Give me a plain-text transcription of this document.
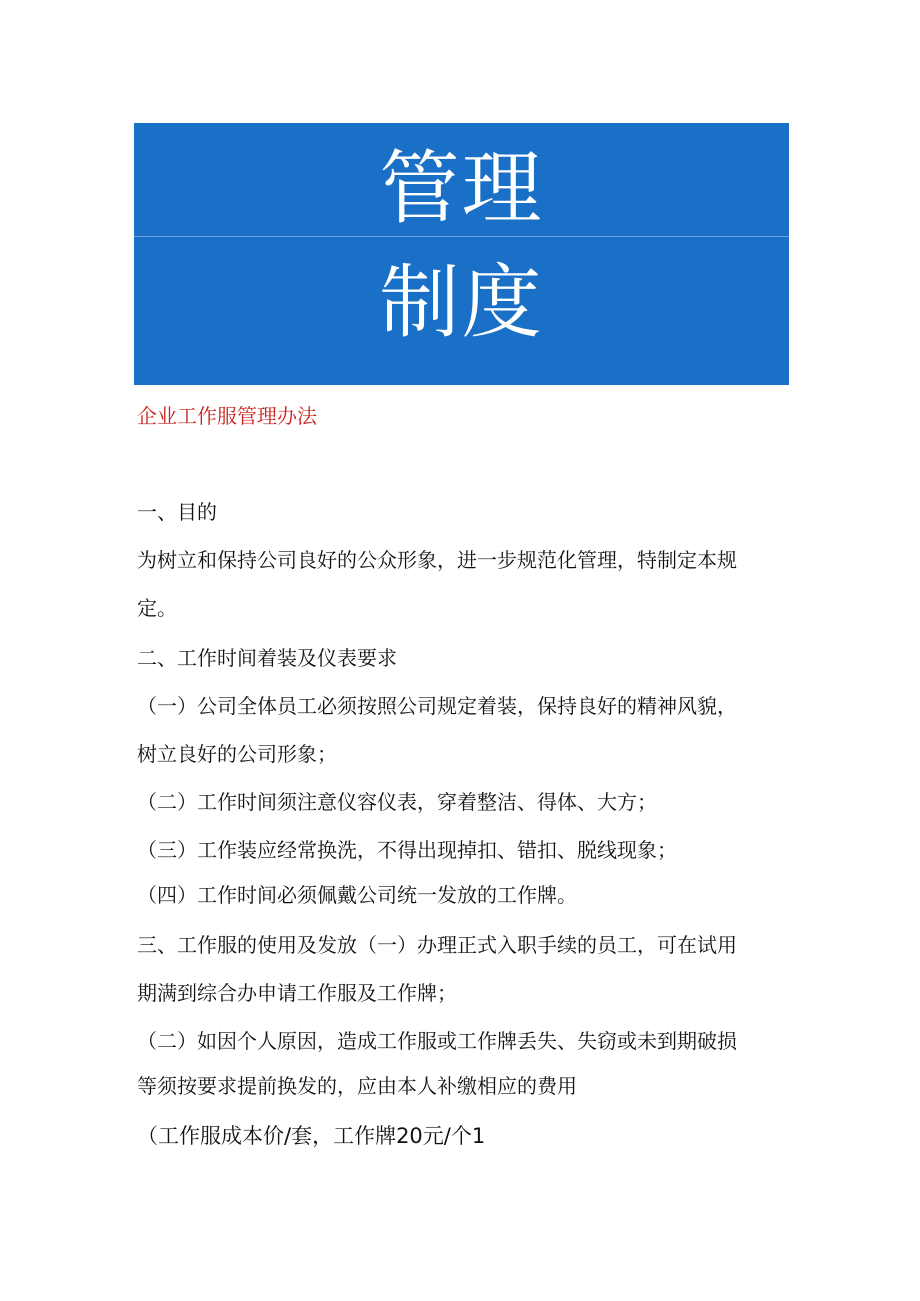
管理
制度
企业工作服管理办法
一、目的
为树立和保持公司良好的公众形象，进一步规范化管理，特制定本规
定。
二、工作时间着装及仪表要求
（一）公司全体员工必须按照公司规定着装，保持良好的精神风貌，
树立良好的公司形象；
（二）工作时间须注意仪容仪表，穿着整洁、得体、大方；
（三）工作装应经常换洗，不得出现掉扣、错扣、脱线现象；
（四）工作时间必须佩戴公司统一发放的工作牌。
三、工作服的使用及发放（一）办理正式入职手续的员工，可在试用
期满到综合办申请工作服及工作牌；
（二）如因个人原因，造成工作服或工作牌丢失、失窃或未到期破损
等须按要求提前换发的，应由本人补缴相应的费用
（工作服成本价/套，工作牌20元/个1
